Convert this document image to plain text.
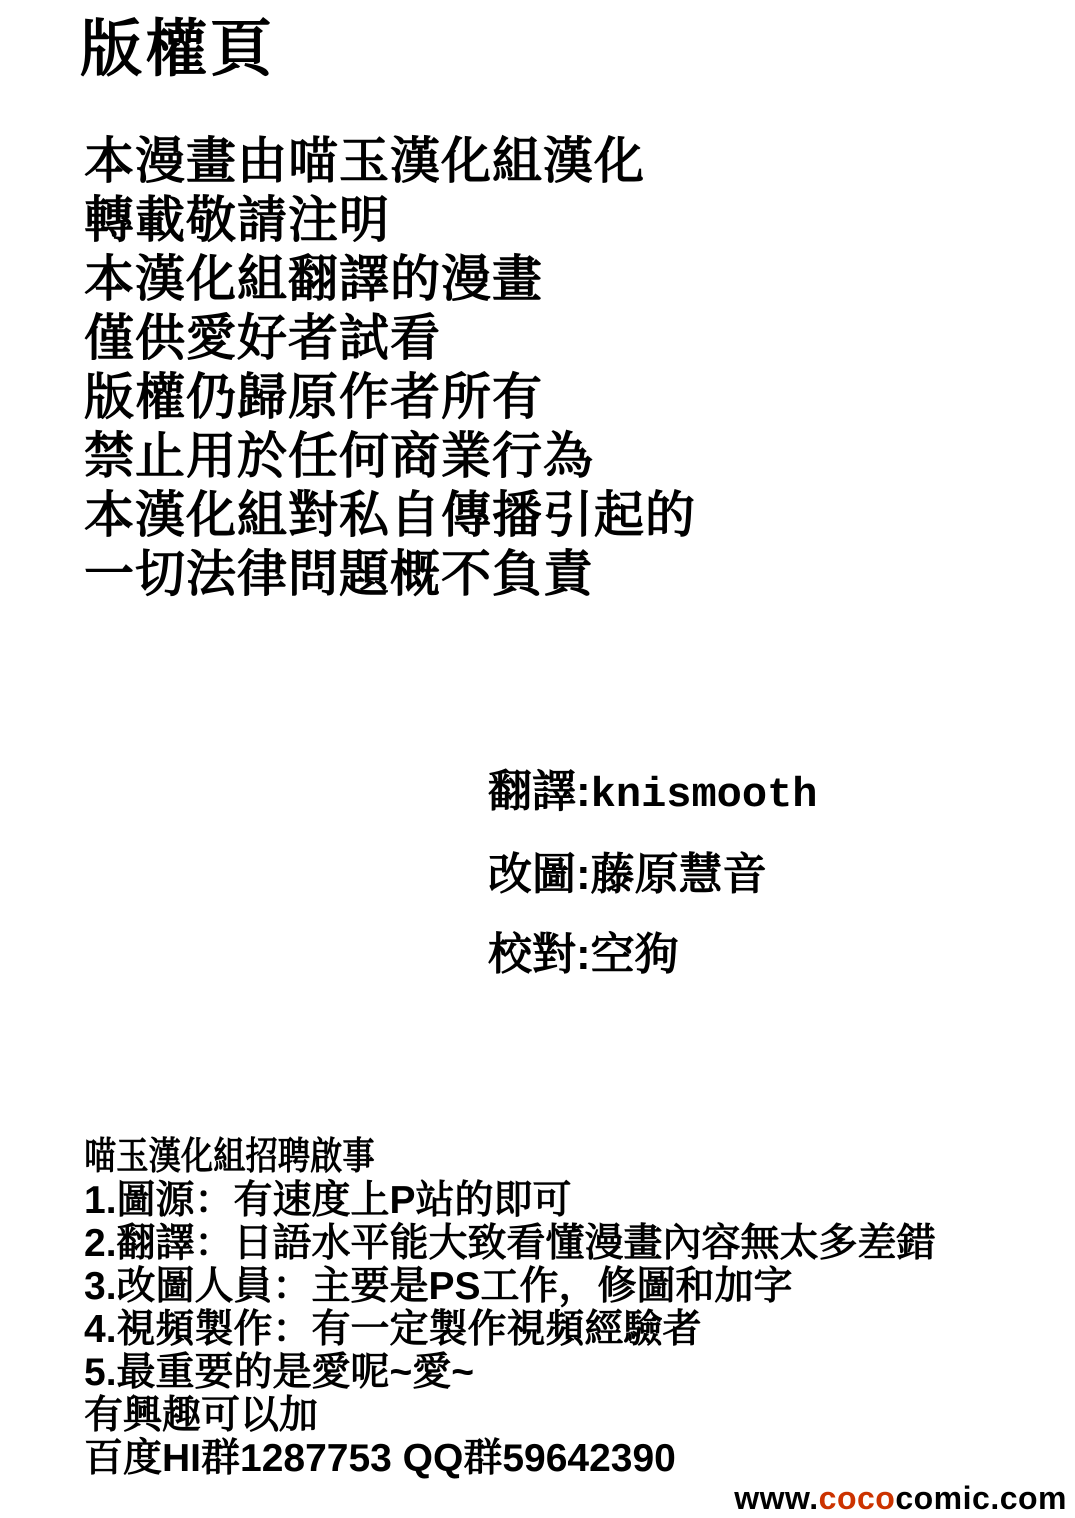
版權頁
本漫畫由喵玉漢化組漢化
轉載敬請注明
本漢化組翻譯的漫畫
僅供愛好者試看
版權仍歸原作者所有
禁止用於任何商業行為
本漢化組對私自傳播引起的
一切法律問題概不負責
翻譯:knismooth
改圖:藤原慧音
校對:空狗
喵玉漢化組招聘啟事
1.圖源：有速度上P站的即可
2.翻譯：日語水平能大致看懂漫畫內容無太多差錯
3.改圖人員：主要是PS工作，修圖和加字
4.視頻製作：有一定製作視頻經驗者
5.最重要的是愛呢~愛~
有興趣可以加
百度HI群1287753 QQ群59642390
www.cococomic.com
